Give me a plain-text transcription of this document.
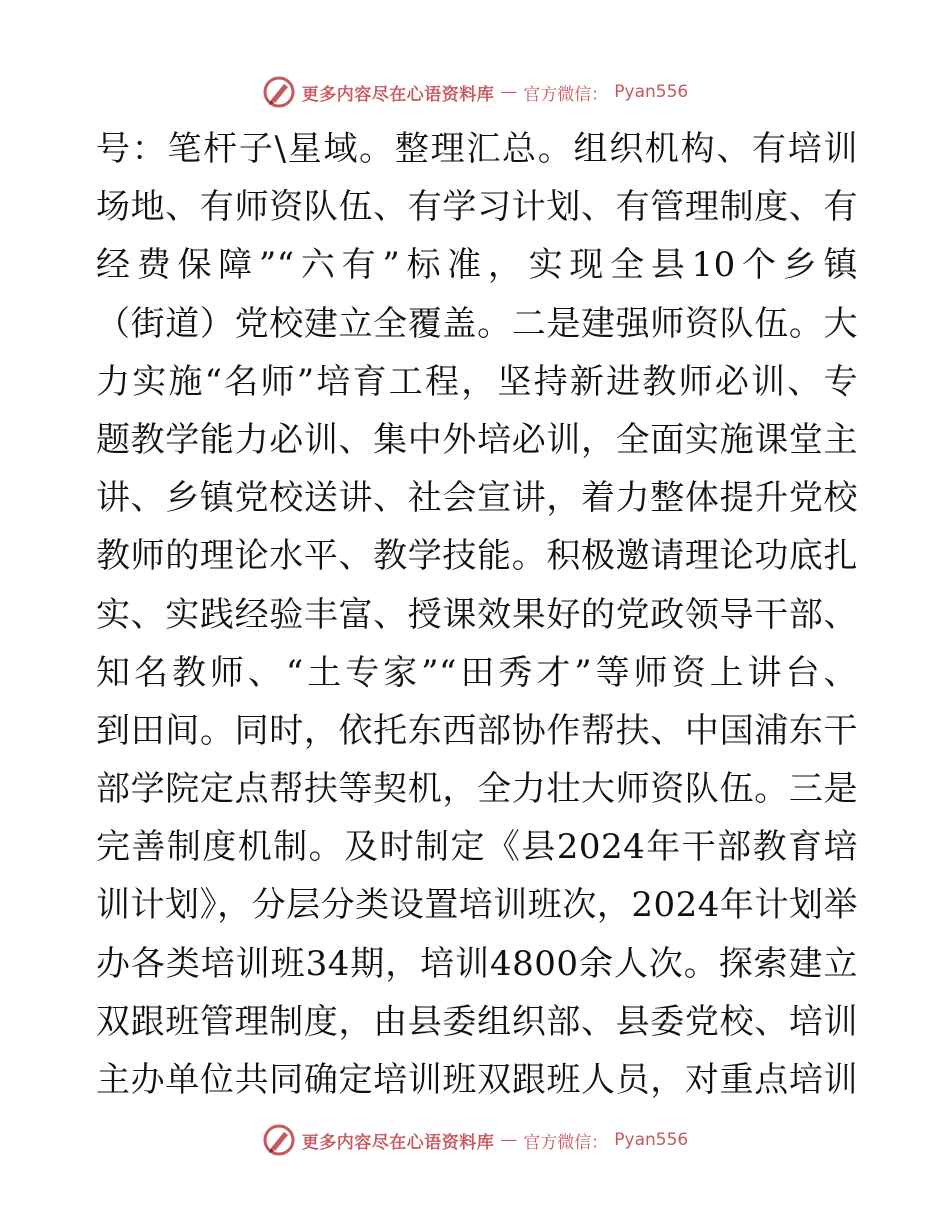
更多内容尽在心语资料库 — 官方微信： Pyan556
号：笔杆子\星域。整理汇总。组织机构、有培训
场地、有师资队伍、有学习计划、有管理制度、有
经费保障”“六有”标准，实现全县10个乡镇
（街道）党校建立全覆盖。二是建强师资队伍。大
力实施“名师”培育工程，坚持新进教师必训、专
题教学能力必训、集中外培必训，全面实施课堂主
讲、乡镇党校送讲、社会宣讲，着力整体提升党校
教师的理论水平、教学技能。积极邀请理论功底扎
实、实践经验丰富、授课效果好的党政领导干部、
知名教师、“土专家”“田秀才”等师资上讲台、
到田间。同时，依托东西部协作帮扶、中国浦东干
部学院定点帮扶等契机，全力壮大师资队伍。三是
完善制度机制。及时制定《县2024年干部教育培
训计划》，分层分类设置培训班次，2024年计划举
办各类培训班34期，培训4800余人次。探索建立
双跟班管理制度，由县委组织部、县委党校、培训
主办单位共同确定培训班双跟班人员，对重点培训
更多内容尽在心语资料库 — 官方微信： Pyan556
